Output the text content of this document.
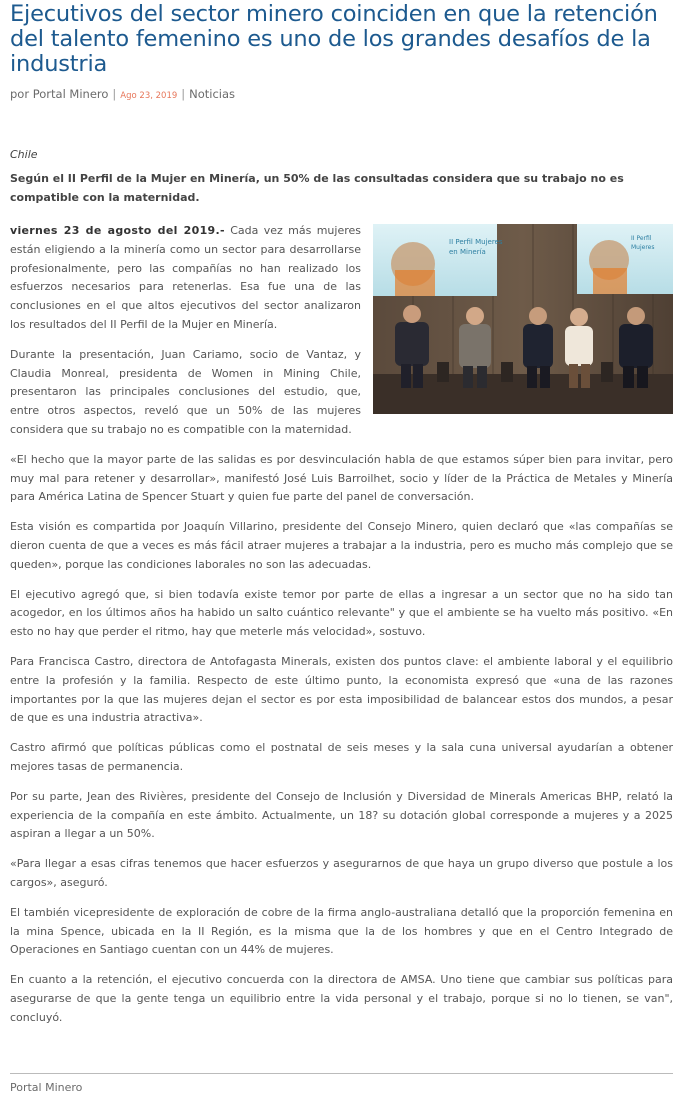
Ejecutivos del sector minero coinciden en que la retención del talento femenino es uno de los grandes desafíos de la industria
por Portal Minero | Ago 23, 2019 | Noticias
Chile
Según el II Perfil de la Mujer en Minería, un 50% de las consultadas considera que su trabajo no es compatible con la maternidad.
II Perfil Mujeres
en Minería
II Perfil
Mujeres

viernes 23 de agosto del 2019.- Cada vez más mujeres están eligiendo a la minería como un sector para desarrollarse profesionalmente, pero las compañías no han realizado los esfuerzos necesarios para retenerlas. Esa fue una de las conclusiones en el que altos ejecutivos del sector analizaron los resultados del II Perfil de la Mujer en Minería.

Durante la presentación, Juan Cariamo, socio de Vantaz, y Claudia Monreal, presidenta de Women in Mining Chile, presentaron las principales conclusiones del estudio, que, entre otros aspectos, reveló que un 50% de las mujeres considera que su trabajo no es compatible con la maternidad.

«El hecho que la mayor parte de las salidas es por desvinculación habla de que estamos súper bien para invitar, pero muy mal para retener y desarrollar», manifestó José Luis Barroilhet, socio y líder de la Práctica de Metales y Minería para América Latina de Spencer Stuart y quien fue parte del panel de conversación.

Esta visión es compartida por Joaquín Villarino, presidente del Consejo Minero, quien declaró que «las compañías se dieron cuenta de que a veces es más fácil atraer mujeres a trabajar a la industria, pero es mucho más complejo que se queden», porque las condiciones laborales no son las adecuadas.

El ejecutivo agregó que, si bien todavía existe temor por parte de ellas a ingresar a un sector que no ha sido tan acogedor, en los últimos años ha habido un salto cuántico relevante" y que el ambiente se ha vuelto más positivo. «En esto no hay que perder el ritmo, hay que meterle más velocidad», sostuvo.

Para Francisca Castro, directora de Antofagasta Minerals, existen dos puntos clave: el ambiente laboral y el equilibrio entre la profesión y la familia. Respecto de este último punto, la economista expresó que «una de las razones importantes por la que las mujeres dejan el sector es por esta imposibilidad de balancear estos dos mundos, a pesar de que es una industria atractiva».

Castro afirmó que políticas públicas como el postnatal de seis meses y la sala cuna universal ayudarían a obtener mejores tasas de permanencia.

Por su parte, Jean des Rivières, presidente del Consejo de Inclusión y Diversidad de Minerals Americas BHP, relató la experiencia de la compañía en este ámbito. Actualmente, un 18? su dotación global corresponde a mujeres y a 2025 aspiran a llegar a un 50%.

«Para llegar a esas cifras tenemos que hacer esfuerzos y asegurarnos de que haya un grupo diverso que postule a los cargos», aseguró.

El también vicepresidente de exploración de cobre de la firma anglo-australiana detalló que la proporción femenina en la mina Spence, ubicada en la II Región, es la misma que la de los hombres y que en el Centro Integrado de Operaciones en Santiago cuentan con un 44% de mujeres.

En cuanto a la retención, el ejecutivo concuerda con la directora de AMSA. Uno tiene que cambiar sus políticas para asegurarse de que la gente tenga un equilibrio entre la vida personal y el trabajo, porque si no lo tienen, se van", concluyó.

Portal Minero
